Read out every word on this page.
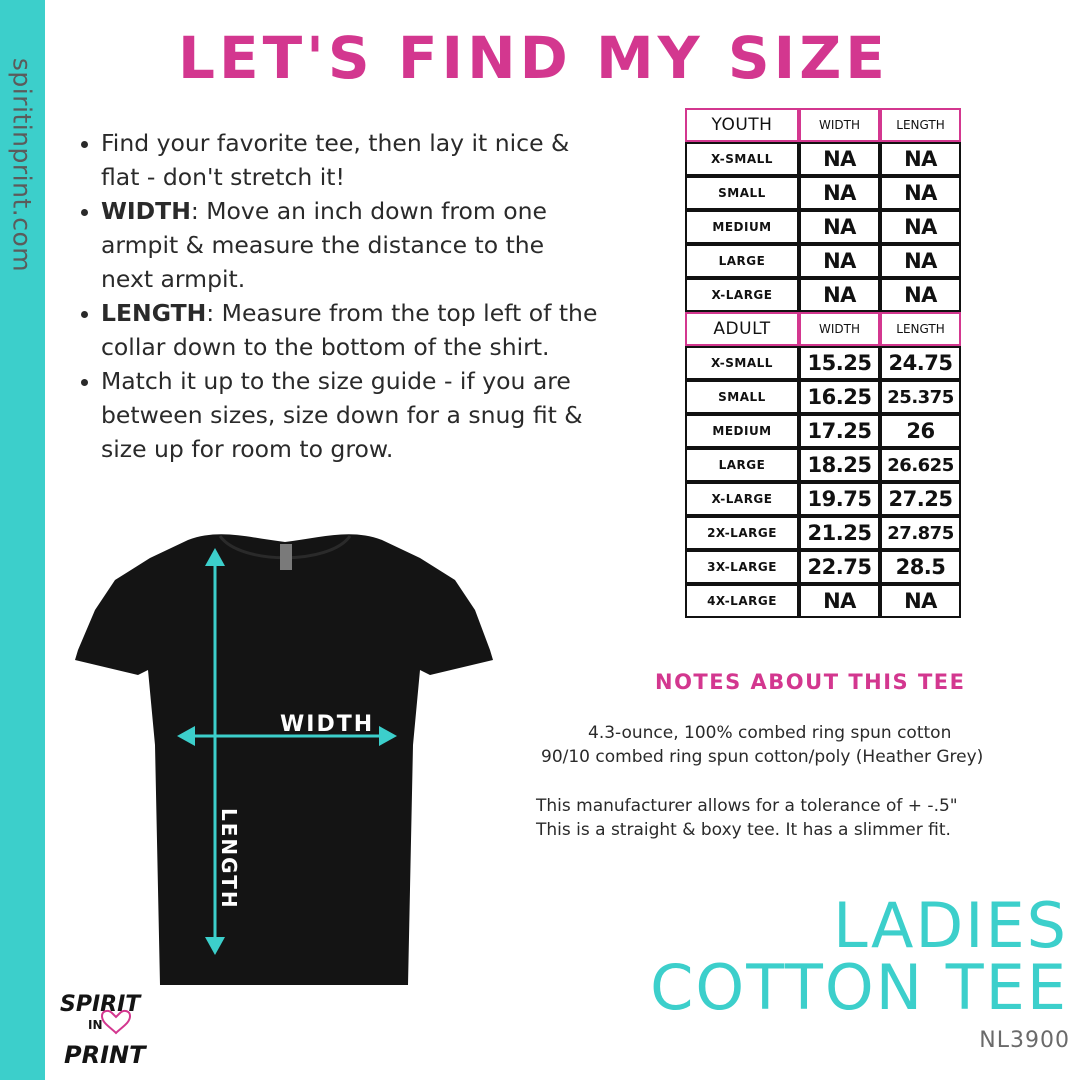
spiritinprint.com LET'S FIND MY SIZE
Find your favorite tee, then lay it nice & flat - don't stretch it!
WIDTH: Move an inch down from one armpit & measure the distance to the next armpit.
LENGTH: Measure from the top left of the collar down to the bottom of the shirt.
Match it up to the size guide - if you are between sizes, size down for a snug fit & size up for room to grow.
YOUTH	WIDTH	LENGTH
X-SMALL	NA	NA
SMALL	NA	NA
MEDIUM	NA	NA
LARGE	NA	NA
X-LARGE	NA	NA
ADULT	WIDTH	LENGTH
X-SMALL	15.25	24.75
SMALL	16.25	25.375
MEDIUM	17.25	26
LARGE	18.25	26.625
X-LARGE	19.75	27.25
2X-LARGE	21.25	27.875
3X-LARGE	22.75	28.5
4X-LARGE	NA	NA
WIDTH
LENGTH
NOTES ABOUT THIS TEE
4.3-ounce, 100% combed ring spun cotton
90/10 combed ring spun cotton/poly (Heather Grey)
This manufacturer allows for a tolerance of + -.5"
This is a straight & boxy tee. It has a slimmer fit.
LADIES
COTTON TEE
NL3900
SPIRIT
IN
PRINT
